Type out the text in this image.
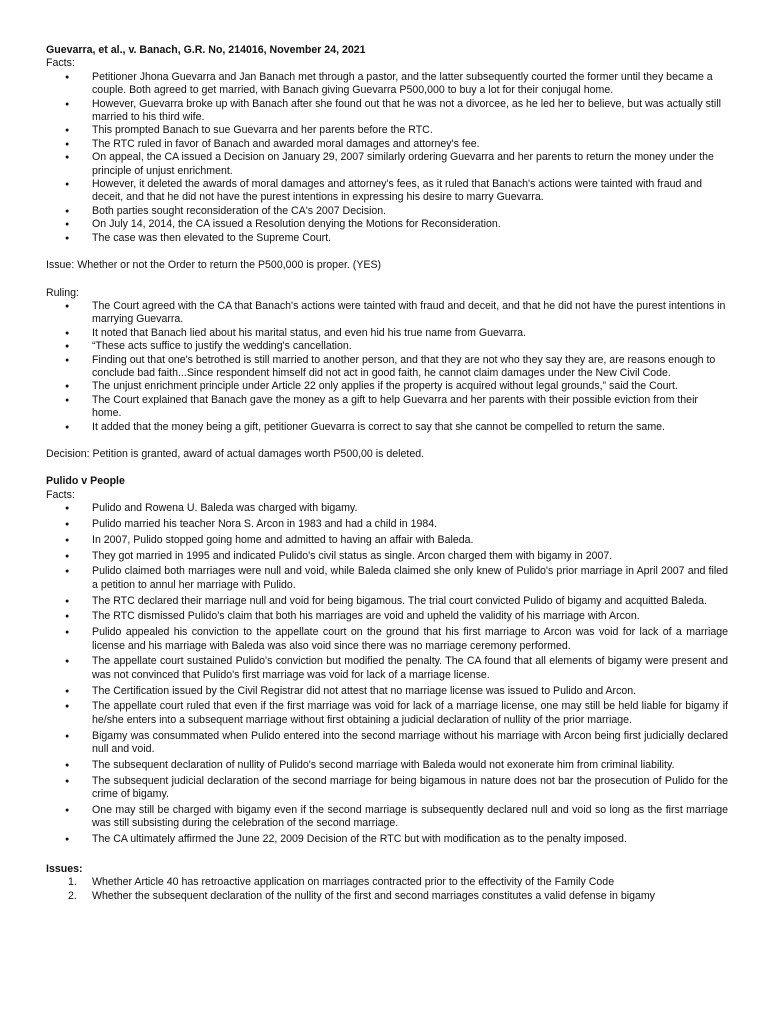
Guevarra, et al., v. Banach, G.R. No, 214016, November 24, 2021

Facts:

● Petitioner Jhona Guevarra and Jan Banach met through a pastor, and the latter subsequently courted the former until they became a couple. Both agreed to get married, with Banach giving Guevarra P500,000 to buy a lot for their conjugal home.
● However, Guevarra broke up with Banach after she found out that he was not a divorcee, as he led her to believe, but was actually still married to his third wife.
● This prompted Banach to sue Guevarra and her parents before the RTC.
● The RTC ruled in favor of Banach and awarded moral damages and attorney's fee.
● On appeal, the CA issued a Decision on January 29, 2007 similarly ordering Guevarra and her parents to return the money under the principle of unjust enrichment.
● However, it deleted the awards of moral damages and attorney's fees, as it ruled that Banach's actions were tainted with fraud and deceit, and that he did not have the purest intentions in expressing his desire to marry Guevarra.
● Both parties sought reconsideration of the CA's 2007 Decision.
● On July 14, 2014, the CA issued a Resolution denying the Motions for Reconsideration.
● The case was then elevated to the Supreme Court.

Issue: Whether or not the Order to return the P500,000 is proper. (YES)

Ruling:

● The Court agreed with the CA that Banach's actions were tainted with fraud and deceit, and that he did not have the purest intentions in marrying Guevarra.
● It noted that Banach lied about his marital status, and even hid his true name from Guevarra.
● “These acts suffice to justify the wedding's cancellation.
● Finding out that one's betrothed is still married to another person, and that they are not who they say they are, are reasons enough to conclude bad faith...Since respondent himself did not act in good faith, he cannot claim damages under the New Civil Code.
● The unjust enrichment principle under Article 22 only applies if the property is acquired without legal grounds,” said the Court.
● The Court explained that Banach gave the money as a gift to help Guevarra and her parents with their possible eviction from their home.
● It added that the money being a gift, petitioner Guevarra is correct to say that she cannot be compelled to return the same.

Decision: Petition is granted, award of actual damages worth P500,00 is deleted.

Pulido v People

Facts:

● Pulido and Rowena U. Baleda was charged with bigamy.
● Pulido married his teacher Nora S. Arcon in 1983 and had a child in 1984.
● In 2007, Pulido stopped going home and admitted to having an affair with Baleda.
● They got married in 1995 and indicated Pulido's civil status as single. Arcon charged them with bigamy in 2007.
● Pulido claimed both marriages were null and void, while Baleda claimed she only knew of Pulido's prior marriage in April 2007 and filed a petition to annul her marriage with Pulido.
● The RTC declared their marriage null and void for being bigamous. The trial court convicted Pulido of bigamy and acquitted Baleda.
● The RTC dismissed Pulido's claim that both his marriages are void and upheld the validity of his marriage with Arcon.
● Pulido appealed his conviction to the appellate court on the ground that his first marriage to Arcon was void for lack of a marriage license and his marriage with Baleda was also void since there was no marriage ceremony performed.
● The appellate court sustained Pulido's conviction but modified the penalty. The CA found that all elements of bigamy were present and was not convinced that Pulido's first marriage was void for lack of a marriage license.
● The Certification issued by the Civil Registrar did not attest that no marriage license was issued to Pulido and Arcon.
● The appellate court ruled that even if the first marriage was void for lack of a marriage license, one may still be held liable for bigamy if he/she enters into a subsequent marriage without first obtaining a judicial declaration of nullity of the prior marriage.
● Bigamy was consummated when Pulido entered into the second marriage without his marriage with Arcon being first judicially declared null and void.
● The subsequent declaration of nullity of Pulido's second marriage with Baleda would not exonerate him from criminal liability.
● The subsequent judicial declaration of the second marriage for being bigamous in nature does not bar the prosecution of Pulido for the crime of bigamy.
● One may still be charged with bigamy even if the second marriage is subsequently declared null and void so long as the first marriage was still subsisting during the celebration of the second marriage.
● The CA ultimately affirmed the June 22, 2009 Decision of the RTC but with modification as to the penalty imposed.

Issues:

Whether Article 40 has retroactive application on marriages contracted prior to the effectivity of the Family Code
Whether the subsequent declaration of the nullity of the first and second marriages constitutes a valid defense in bigamy
